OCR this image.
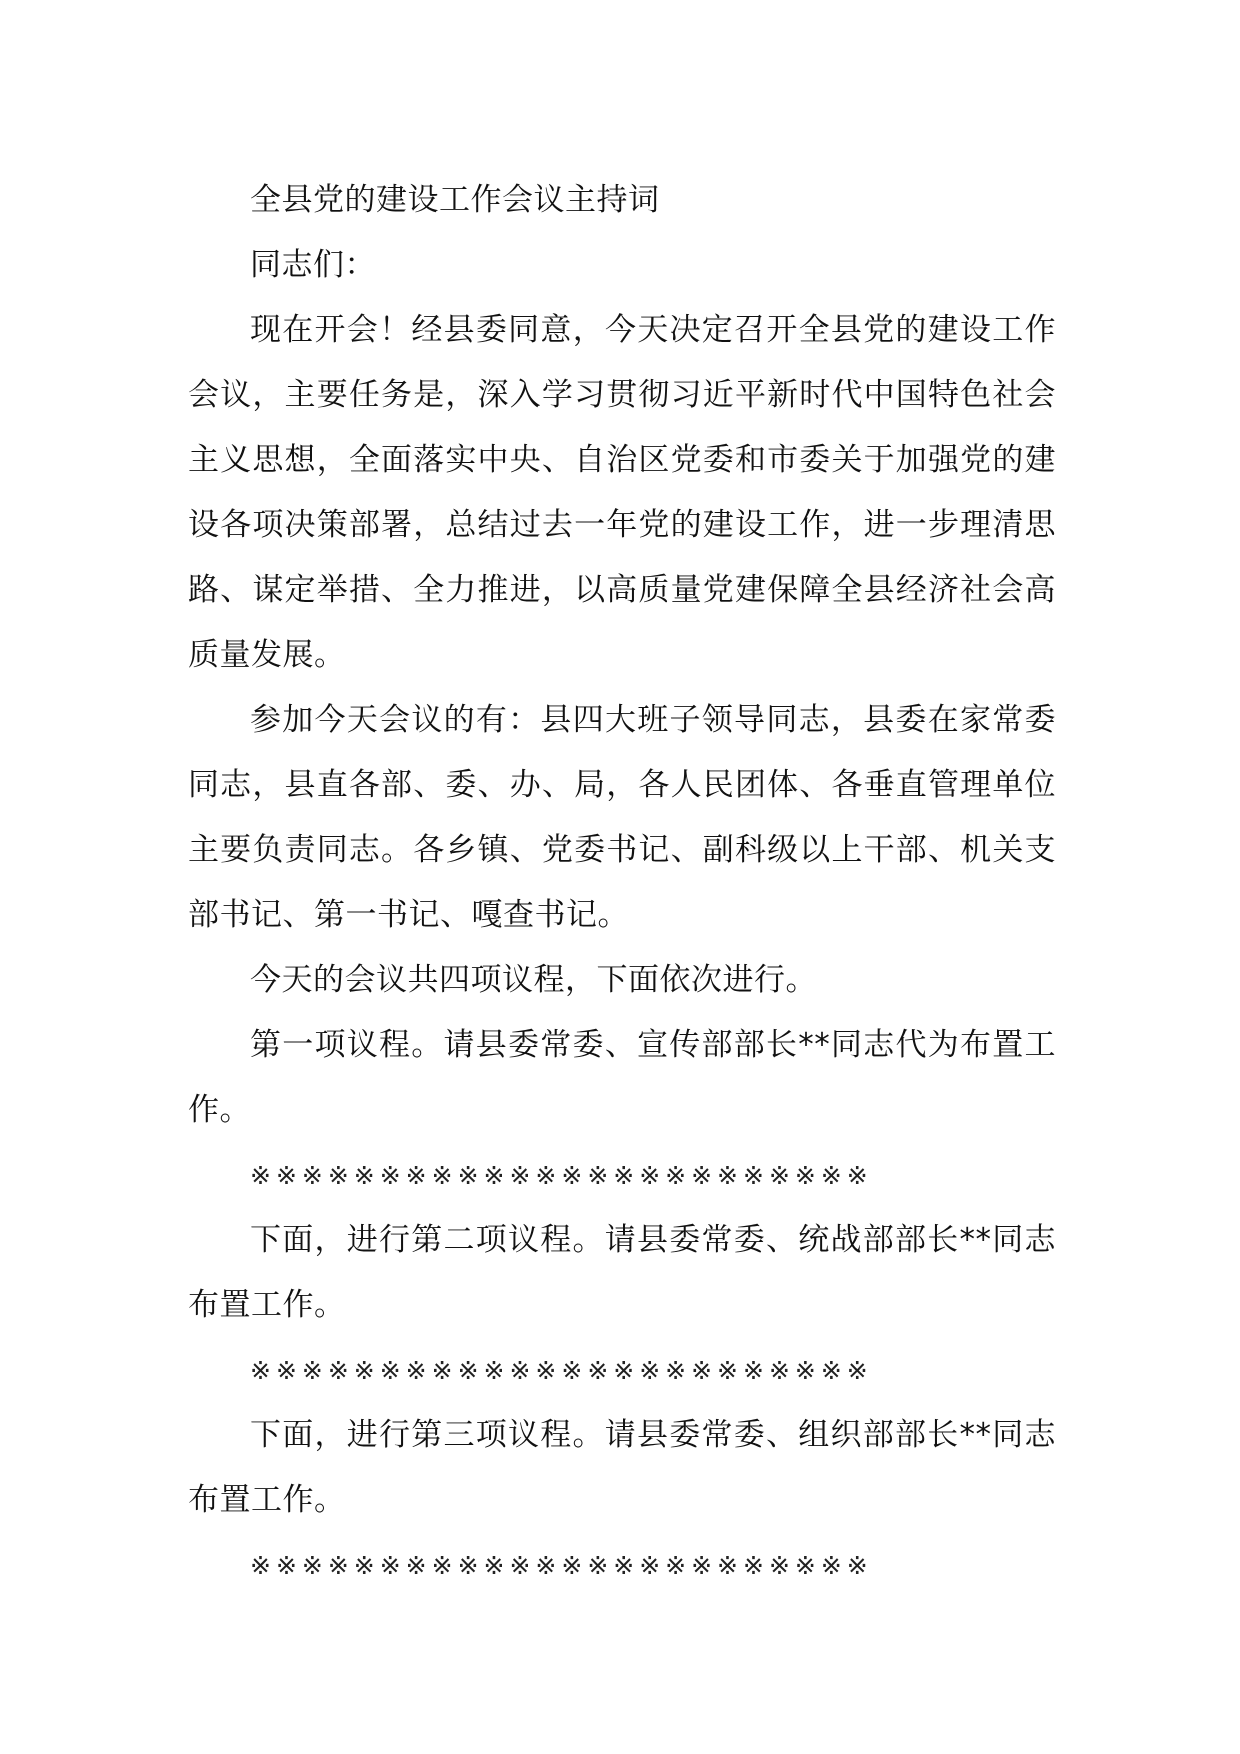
全县党的建设工作会议主持词

同志们：

现在开会！经县委同意，今天决定召开全县党的建设工作会议，主要任务是，深入学习贯彻习近平新时代中国特色社会主义思想，全面落实中央、自治区党委和市委关于加强党的建设各项决策部署，总结过去一年党的建设工作，进一步理清思路、谋定举措、全力推进，以高质量党建保障全县经济社会高质量发展。

参加今天会议的有：县四大班子领导同志，县委在家常委同志，县直各部、委、办、局，各人民团体、各垂直管理单位主要负责同志。各乡镇、党委书记、副科级以上干部、机关支部书记、第一书记、嘎查书记。

今天的会议共四项议程，下面依次进行。

第一项议程。请县委常委、宣传部部长**同志代为布置工作。

※※※※※※※※※※※※※※※※※※※※※※※※

下面，进行第二项议程。请县委常委、统战部部长**同志布置工作。

※※※※※※※※※※※※※※※※※※※※※※※※

下面，进行第三项议程。请县委常委、组织部部长**同志布置工作。

※※※※※※※※※※※※※※※※※※※※※※※※
